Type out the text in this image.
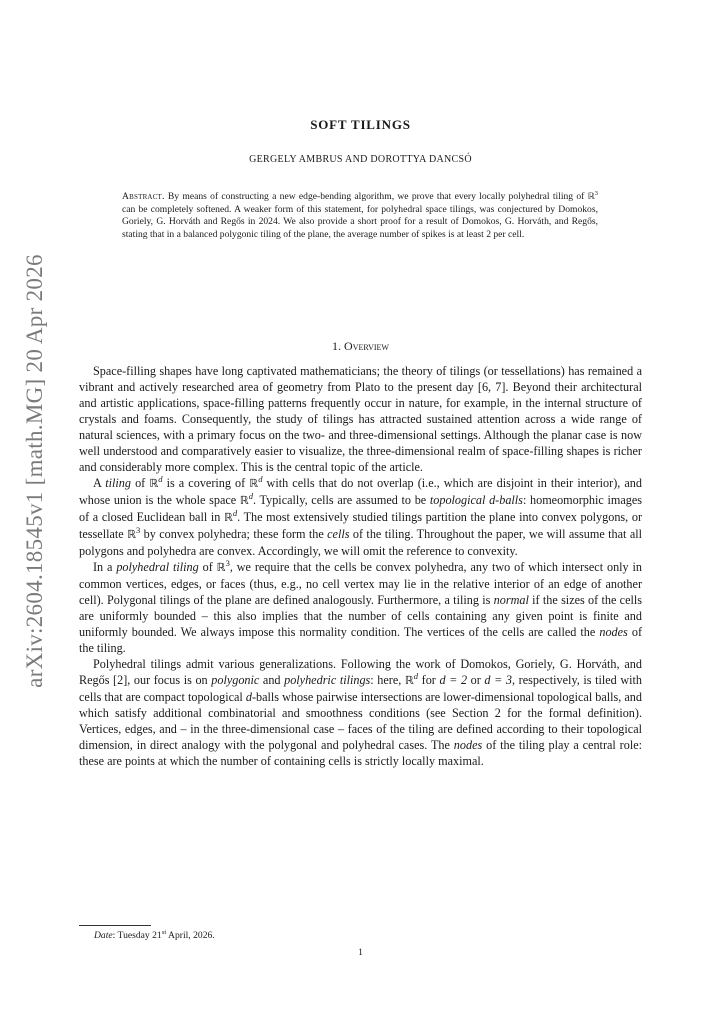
arXiv:2604.18545v1 [math.MG] 20 Apr 2026
SOFT TILINGS
GERGELY AMBRUS AND DOROTTYA DANCSÓ
Abstract. By means of constructing a new edge-bending algorithm, we prove that every locally polyhedral tiling of ℝ$^3$ can be completely softened. A weaker form of this statement, for polyhedral space tilings, was conjectured by Domokos, Goriely, G. Horváth and Regős in 2024. We also provide a short proof for a result of Domokos, G. Horváth, and Regős, stating that in a balanced polygonic tiling of the plane, the average number of spikes is at least 2 per cell.
1. Overview

Space-filling shapes have long captivated mathematicians; the theory of tilings (or tessellations) has remained a vibrant and actively researched area of geometry from Plato to the present day [6, 7]. Beyond their architectural and artistic applications, space-filling patterns frequently occur in nature, for example, in the internal structure of crystals and foams. Consequently, the study of tilings has attracted sustained attention across a wide range of natural sciences, with a primary focus on the two- and three-dimensional settings. Although the planar case is now well understood and comparatively easier to visualize, the three-dimensional realm of space-filling shapes is richer and considerably more complex. This is the central topic of the article.

A tiling of ℝ$^d$ is a covering of ℝ$^d$ with cells that do not overlap (i.e., which are disjoint in their interior), and whose union is the whole space ℝ$^d$. Typically, cells are assumed to be topological d-balls: homeomorphic images of a closed Euclidean ball in ℝ$^d$. The most extensively studied tilings partition the plane into convex polygons, or tessellate ℝ$^3$ by convex polyhedra; these form the cells of the tiling. Throughout the paper, we will assume that all polygons and polyhedra are convex. Accordingly, we will omit the reference to convexity.

In a polyhedral tiling of ℝ$^3$, we require that the cells be convex polyhedra, any two of which intersect only in common vertices, edges, or faces (thus, e.g., no cell vertex may lie in the relative interior of an edge of another cell). Polygonal tilings of the plane are defined analogously. Furthermore, a tiling is normal if the sizes of the cells are uniformly bounded – this also implies that the number of cells containing any given point is finite and uniformly bounded. We always impose this normality condition. The vertices of the cells are called the nodes of the tiling.

Polyhedral tilings admit various generalizations. Following the work of Domokos, Goriely, G. Horváth, and Regős [2], our focus is on polygonic and polyhedric tilings: here, ℝ$^d$ for d = 2 or d = 3, respectively, is tiled with cells that are compact topological d-balls whose pairwise intersections are lower-dimensional topological balls, and which satisfy additional combinatorial and smoothness conditions (see Section 2 for the formal definition). Vertices, edges, and – in the three-dimensional case – faces of the tiling are defined according to their topological dimension, in direct analogy with the polygonal and polyhedral cases. The nodes of the tiling play a central role: these are points at which the number of containing cells is strictly locally maximal.

Date: Tuesday 21st April, 2026.
1
